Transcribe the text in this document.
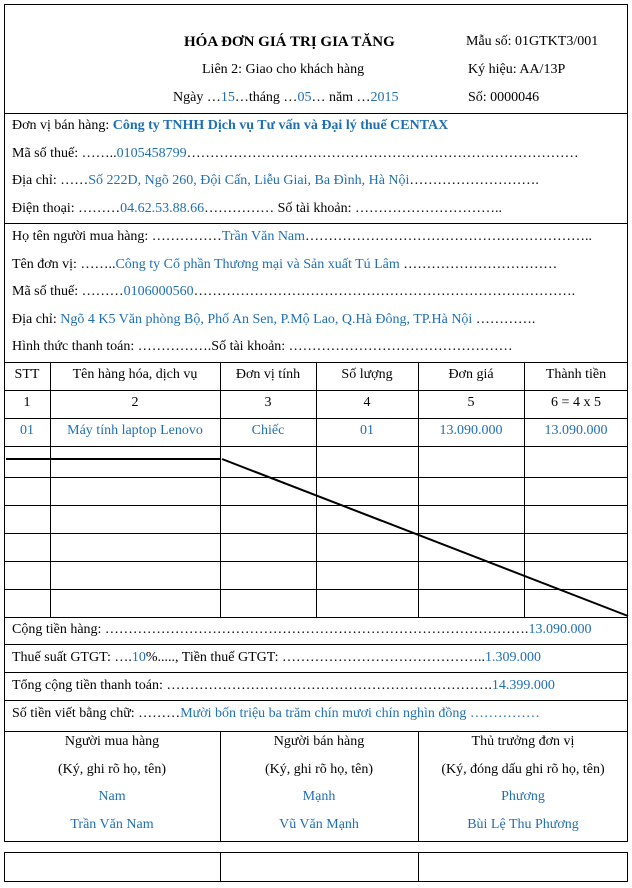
HÓA ĐƠN GIÁ TRỊ GIA TĂNG
Liên 2: Giao cho khách hàng
Ngày …15…tháng …05… năm …2015
Mẫu số: 01GTKT3/001
Ký hiệu: AA/13P
Số: 0000046
Đơn vị bán hàng: Công ty TNHH Dịch vụ Tư vấn và Đại lý thuế CENTAX
Mã số thuế: ……..0105458799…………………………………………………………………………
Địa chỉ: ……Số 222D, Ngõ 260, Đội Cấn, Liễu Giai, Ba Đình, Hà Nội……………………….
Điện thoại: ………04.62.53.88.66…………… Số tài khoản: …………………………..
Họ tên người mua hàng: ……………Trần Văn Nam……………………………………………………..
Tên đơn vị: ……..Công ty Cổ phần Thương mại và Sản xuất Tú Lâm ……………………………
Mã số thuế: ………0106000560……………………………………………………………………….
Địa chỉ: Ngõ 4 K5 Văn phòng Bộ, Phố An Sen, P.Mộ Lao, Q.Hà Đông, TP.Hà Nội ………….
Hình thức thanh toán: …………….Số tài khoản: …………………………………………
STT	Tên hàng hóa, dịch vụ	Đơn vị tính	Số lượng	Đơn giá	Thành tiền
1	2	3	4	5	6 = 4 x 5
01	Máy tính laptop Lenovo	Chiếc	01	13.090.000	13.090.000
Cộng tiền hàng: ……………………………………………………………………………….13.090.000
Thuế suất GTGT: ….10%....., Tiền thuế GTGT: ……………………………………..1.309.000
Tổng cộng tiền thanh toán: …………………………………………………………….14.399.000
Số tiền viết bằng chữ: ………Mười bốn triệu ba trăm chín mươi chín nghìn đồng ……………
Người mua hàng
(Ký, ghi rõ họ, tên)
Nam
Trần Văn Nam
Người bán hàng
(Ký, ghi rõ họ, tên)
Mạnh
Vũ Văn Mạnh
Thủ trưởng đơn vị
(Ký, đóng dấu ghi rõ họ, tên)
Phương
Bùi Lệ Thu Phương
